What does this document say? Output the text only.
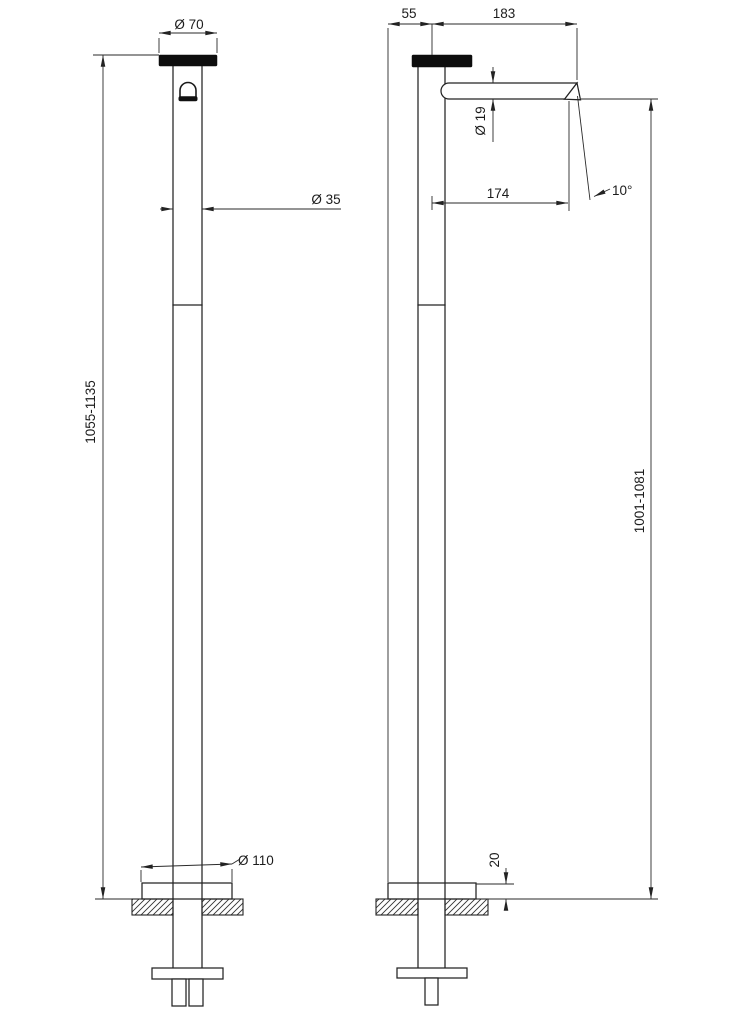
Ø 70
Ø 35
1055-1135
Ø 110
10°
55	183
Ø 19
174
1001-1081
20
